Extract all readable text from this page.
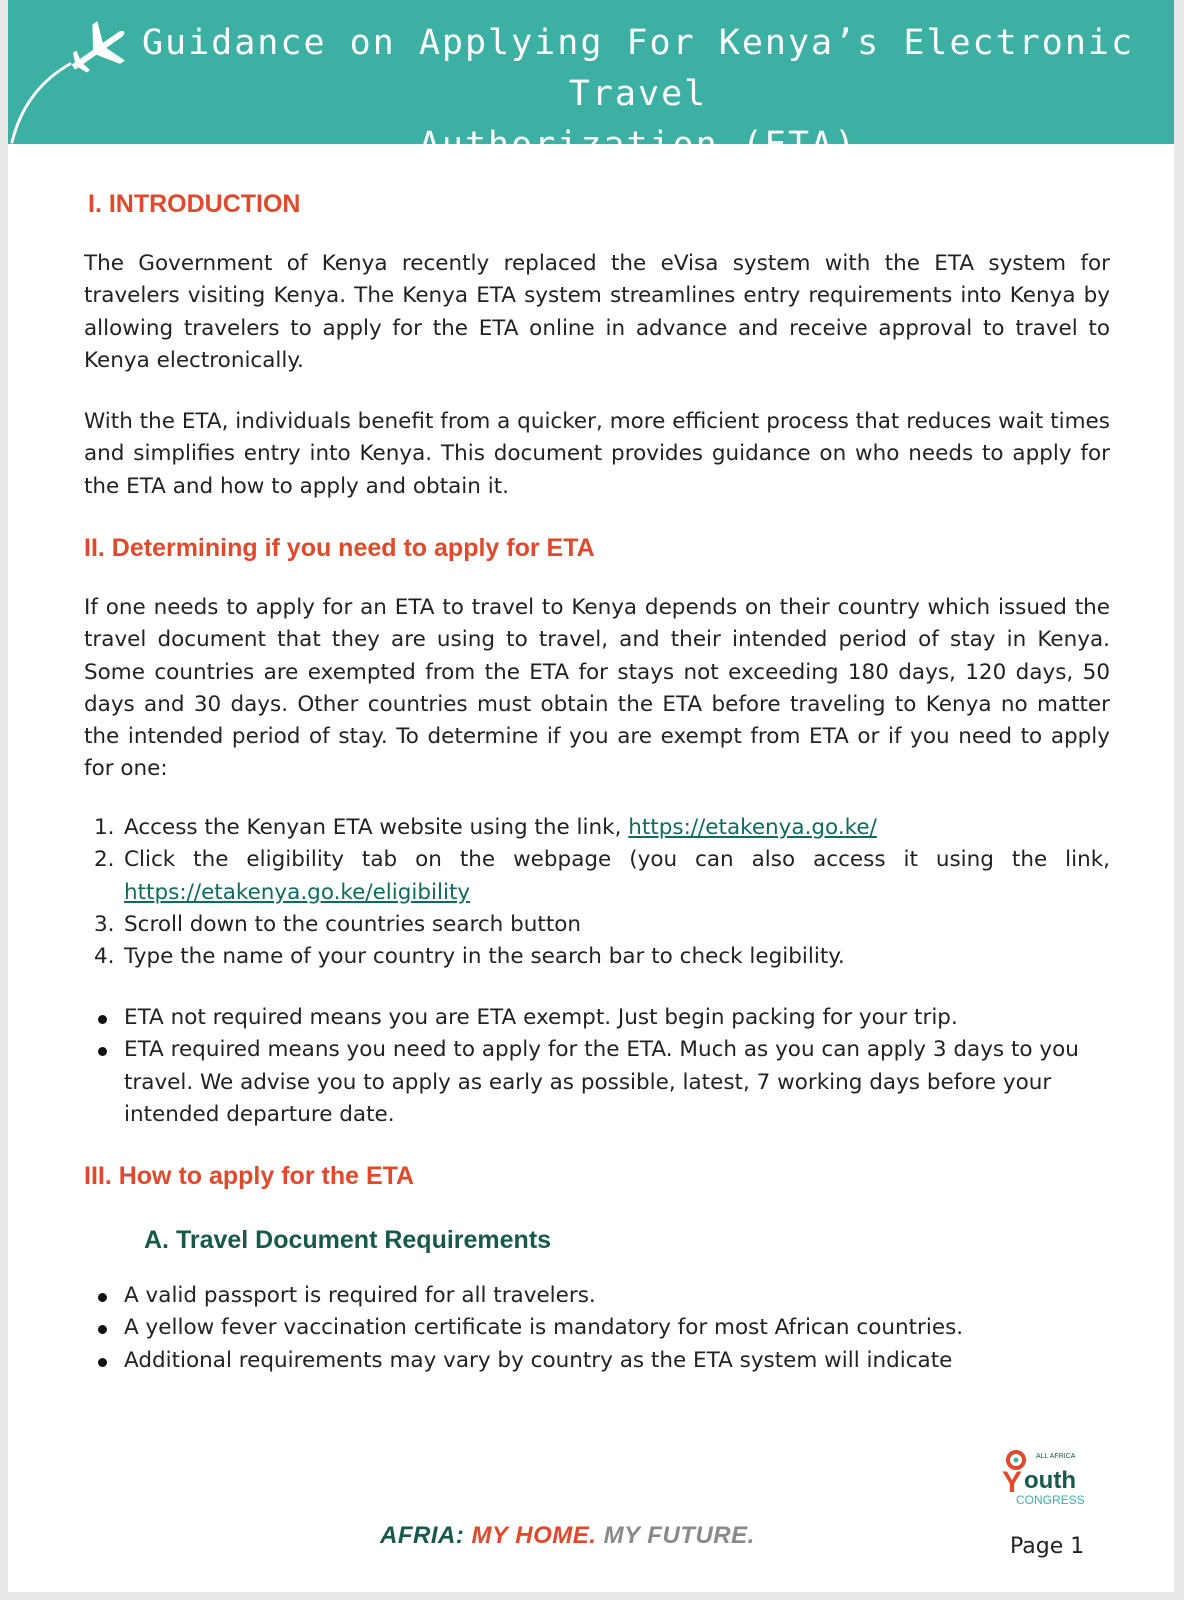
Guidance on Applying For Kenya’s Electronic Travel
Authorization (ETA)
I. INTRODUCTION

The Government of Kenya recently replaced the eVisa system with the ETA system for travelers visiting Kenya. The Kenya ETA system streamlines entry requirements into Kenya by allowing travelers to apply for the ETA online in advance and receive approval to travel to Kenya electronically.

With the ETA, individuals benefit from a quicker, more efficient process that reduces wait times and simplifies entry into Kenya. This document provides guidance on who needs to apply for the ETA and how to apply and obtain it.

II. Determining if you need to apply for ETA

If one needs to apply for an ETA to travel to Kenya depends on their country which issued the travel document that they are using to travel, and their intended period of stay in Kenya. Some countries are exempted from the ETA for stays not exceeding 180 days, 120 days, 50 days and 30 days. Other countries must obtain the ETA before traveling to Kenya no matter the intended period of stay. To determine if you are exempt from ETA or if you need to apply for one:

1. Access the Kenyan ETA website using the link, https://etakenya.go.ke/
2. Click the eligibility tab on the webpage (you can also access it using the link, https://etakenya.go.ke/eligibility
3. Scroll down to the countries search button
4. Type the name of your country in the search bar to check legibility.
ETA not required means you are ETA exempt. Just begin packing for your trip.
ETA required means you need to apply for the ETA. Much as you can apply 3 days to you travel. We advise you to apply as early as possible, latest, 7 working days before your intended departure date.
III. How to apply for the ETA
A. Travel Document Requirements
A valid passport is required for all travelers.
A yellow fever vaccination certificate is mandatory for most African countries.
Additional requirements may vary by country as the ETA system will indicate
Y
ALL AFRICA
outh
CONGRESS
AFRIA: MY HOME. MY FUTURE.	Page 1
